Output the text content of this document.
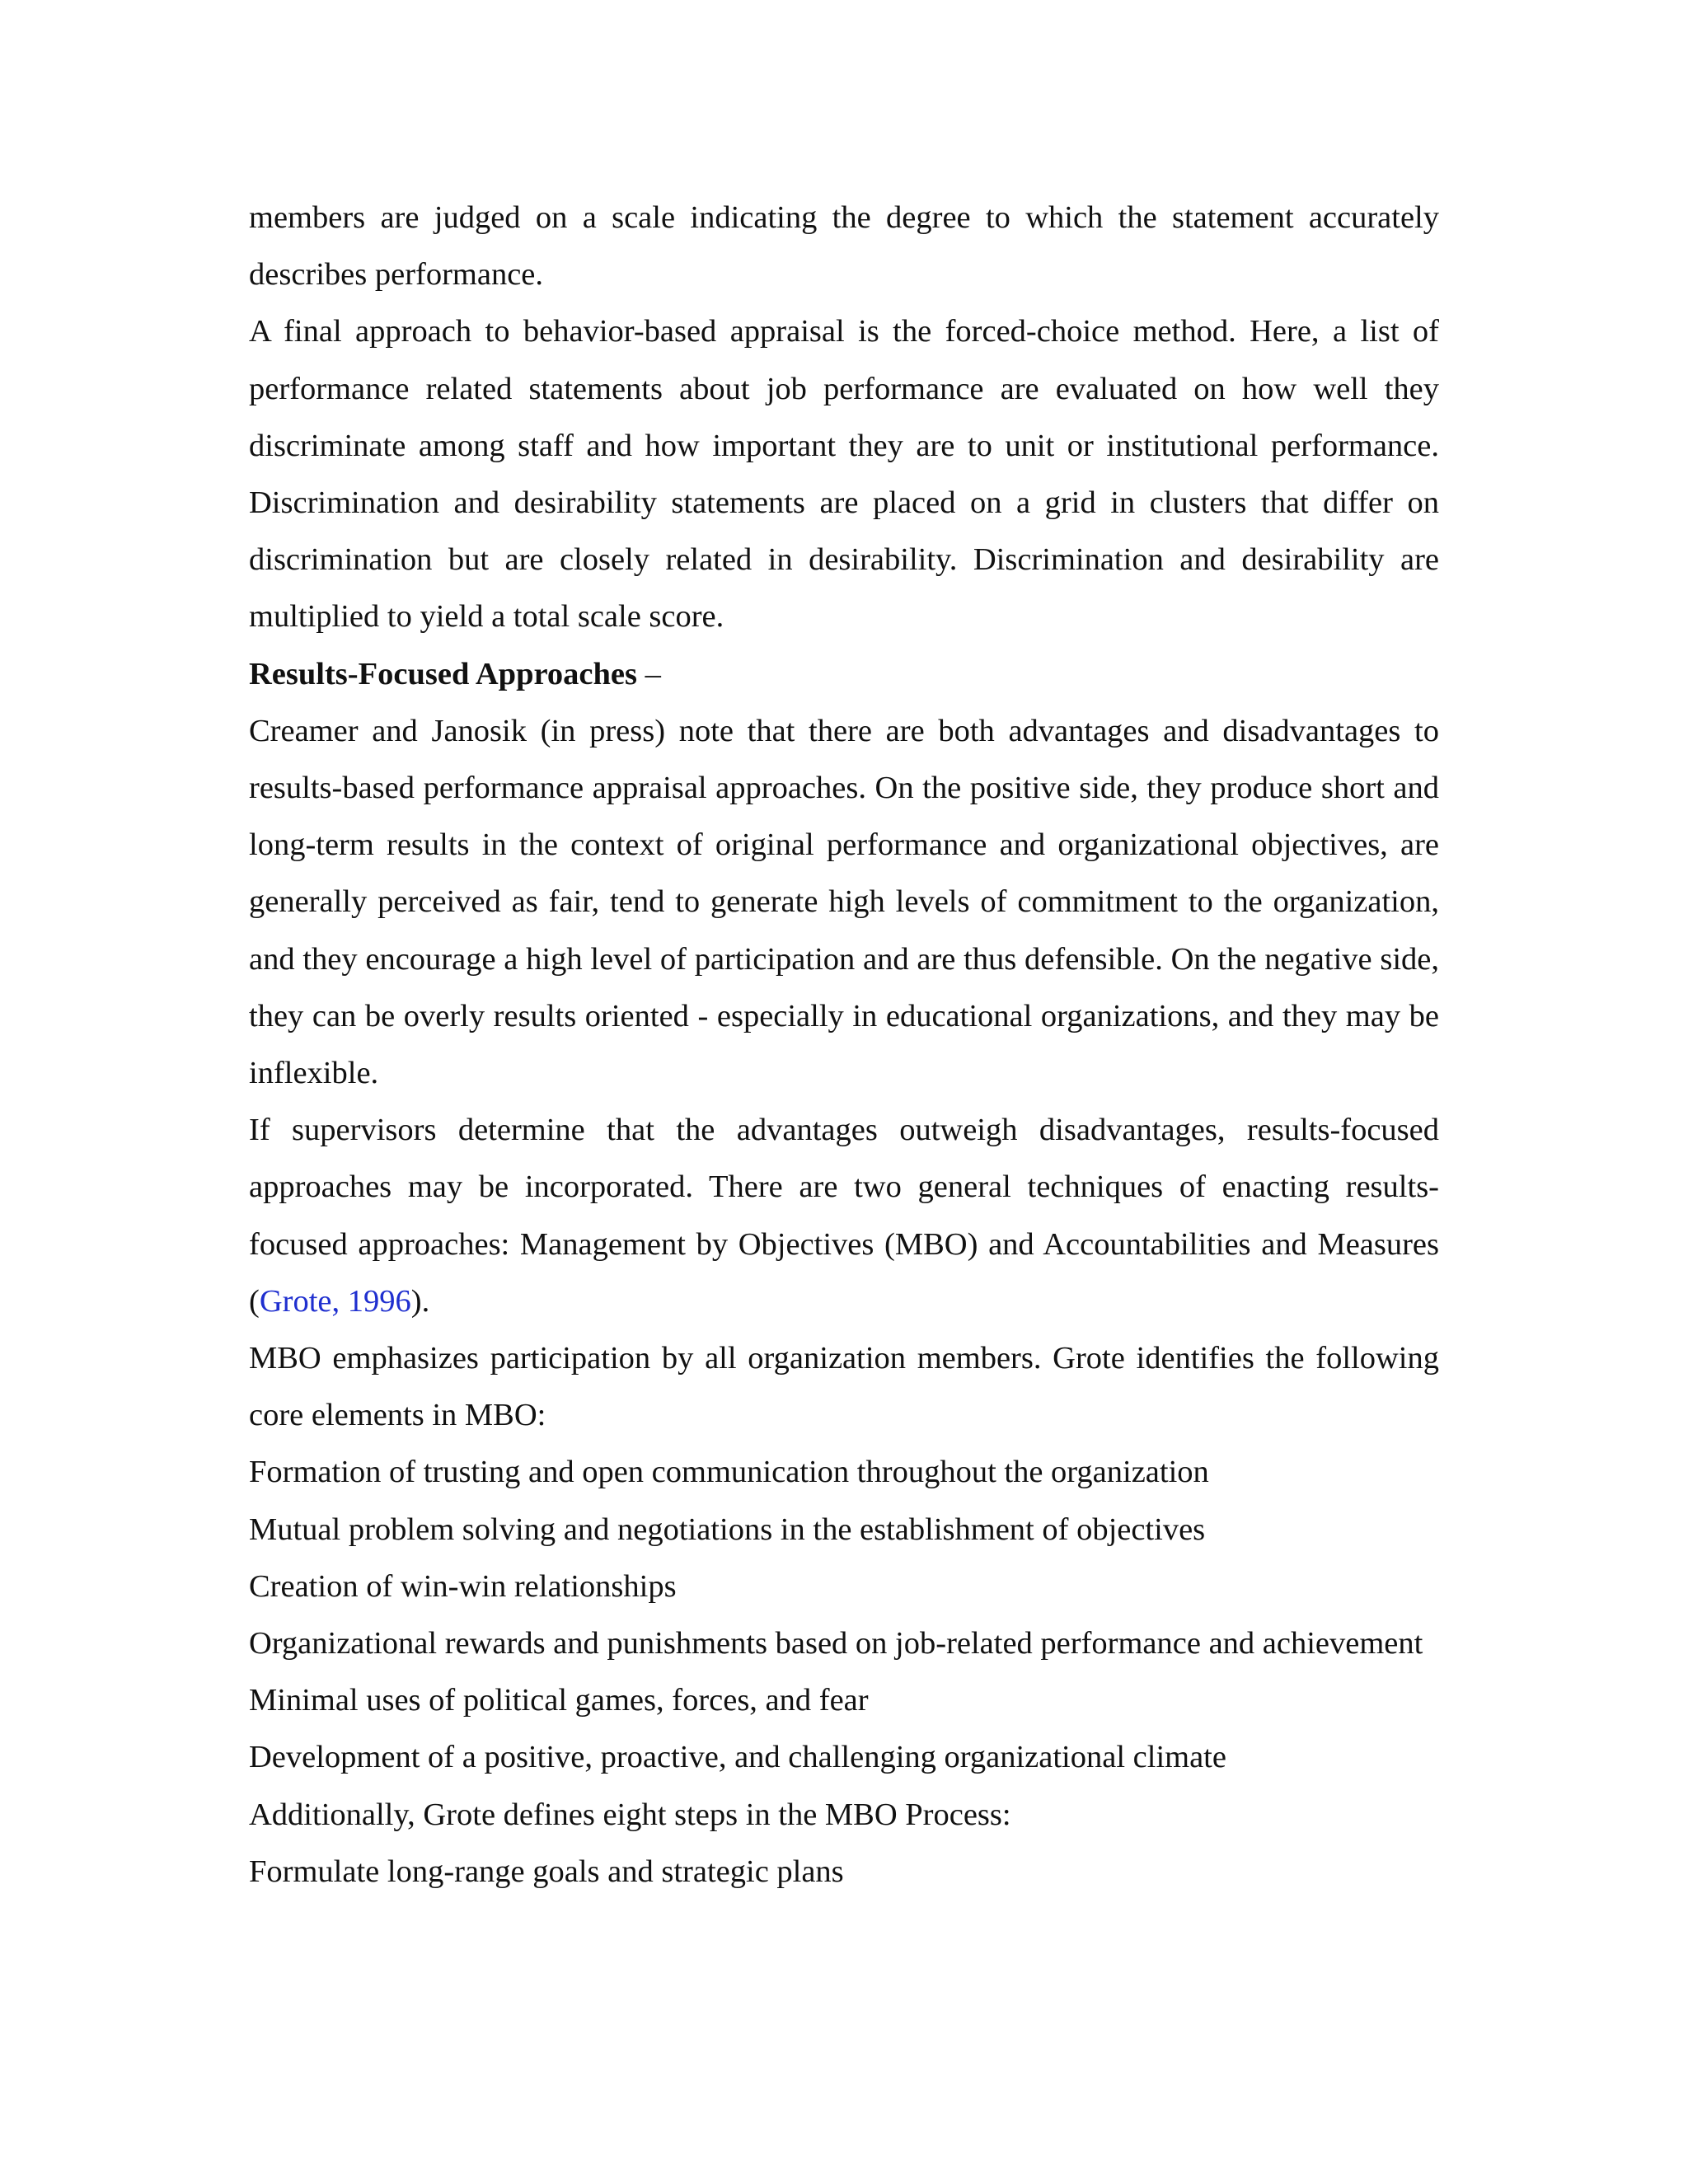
members are judged on a scale indicating the degree to which the statement accurately describes performance.

A final approach to behavior-based appraisal is the forced-choice method. Here, a list of performance related statements about job performance are evaluated on how well they discriminate among staff and how important they are to unit or institutional performance. Discrimination and desirability statements are placed on a grid in clusters that differ on discrimination but are closely related in desirability. Discrimination and desirability are multiplied to yield a total scale score.

Results-Focused Approaches –

Creamer and Janosik (in press) note that there are both advantages and disadvantages to results-based performance appraisal approaches. On the positive side, they produce short and long-term results in the context of original performance and organizational objectives, are generally perceived as fair, tend to generate high levels of commitment to the organization, and they encourage a high level of participation and are thus defensible. On the negative side, they can be overly results oriented - especially in educational organizations, and they may be inflexible.

If supervisors determine that the advantages outweigh disadvantages, results-focused approaches may be incorporated. There are two general techniques of enacting results-focused approaches: Management by Objectives (MBO) and Accountabilities and Measures (Grote, 1996).

MBO emphasizes participation by all organization members. Grote identifies the following core elements in MBO:

Formation of trusting and open communication throughout the organization

Mutual problem solving and negotiations in the establishment of objectives

Creation of win-win relationships

Organizational rewards and punishments based on job-related performance and achievement

Minimal uses of political games, forces, and fear

Development of a positive, proactive, and challenging organizational climate

Additionally, Grote defines eight steps in the MBO Process:

Formulate long-range goals and strategic plans
